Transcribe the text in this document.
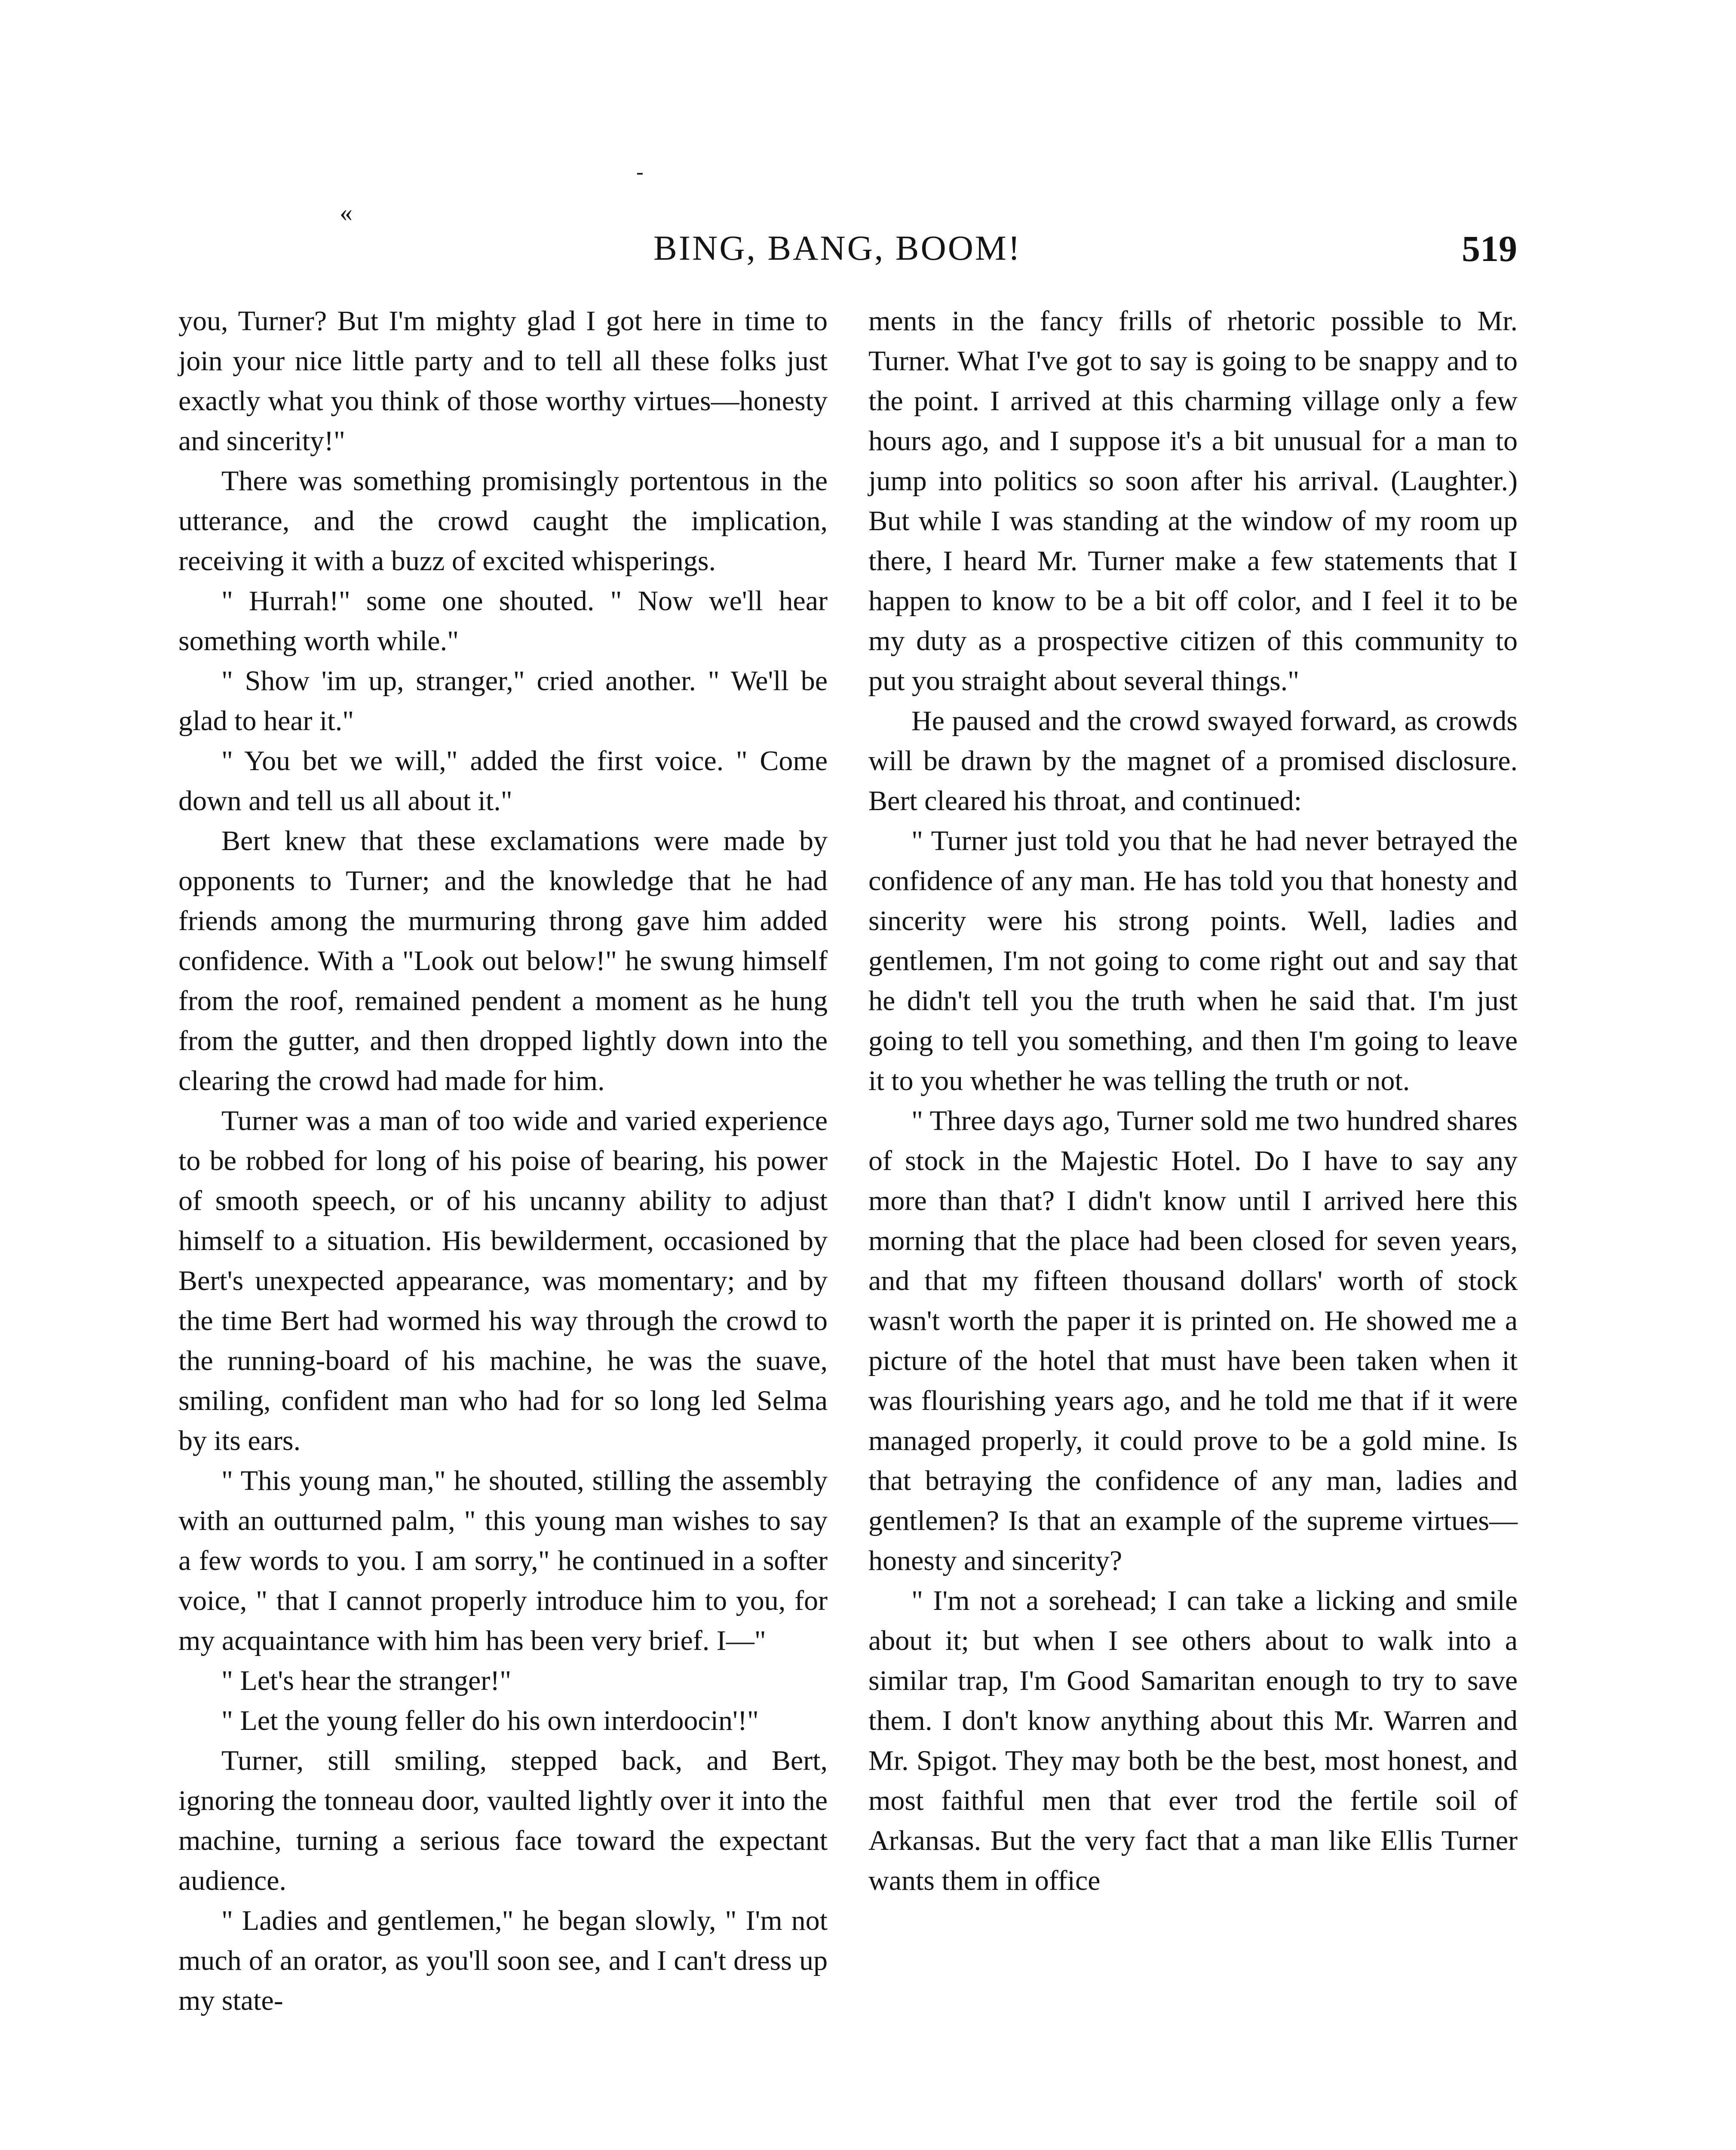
«
-
BING, BANG, BOOM!	519

you, Turner? But I'm mighty glad I got here in time to join your nice little party and to tell all these folks just exactly what you think of those worthy virtues—honesty and sincerity!"

There was something promisingly portentous in the utterance, and the crowd caught the implication, receiving it with a buzz of excited whisperings.

" Hurrah!" some one shouted. " Now we'll hear something worth while."

" Show 'im up, stranger," cried another. " We'll be glad to hear it."

" You bet we will," added the first voice. " Come down and tell us all about it."

Bert knew that these exclamations were made by opponents to Turner; and the knowledge that he had friends among the murmuring throng gave him added confidence. With a "Look out below!" he swung himself from the roof, remained pendent a moment as he hung from the gutter, and then dropped lightly down into the clearing the crowd had made for him.

Turner was a man of too wide and varied experience to be robbed for long of his poise of bearing, his power of smooth speech, or of his uncanny ability to adjust himself to a situation. His bewilderment, occasioned by Bert's unexpected appearance, was momentary; and by the time Bert had wormed his way through the crowd to the running-board of his machine, he was the suave, smiling, confident man who had for so long led Selma by its ears.

" This young man," he shouted, stilling the assembly with an outturned palm, " this young man wishes to say a few words to you. I am sorry," he continued in a softer voice, " that I cannot properly introduce him to you, for my acquaintance with him has been very brief. I—"

" Let's hear the stranger!"

" Let the young feller do his own interdoocin'!"

Turner, still smiling, stepped back, and Bert, ignoring the tonneau door, vaulted lightly over it into the machine, turning a serious face toward the expectant audience.

" Ladies and gentlemen," he began slowly, " I'm not much of an orator, as you'll soon see, and I can't dress up my state-

ments in the fancy frills of rhetoric possible to Mr. Turner. What I've got to say is going to be snappy and to the point. I arrived at this charming village only a few hours ago, and I suppose it's a bit unusual for a man to jump into politics so soon after his arrival. (Laughter.) But while I was standing at the window of my room up there, I heard Mr. Turner make a few statements that I happen to know to be a bit off color, and I feel it to be my duty as a prospective citizen of this community to put you straight about several things."

He paused and the crowd swayed forward, as crowds will be drawn by the magnet of a promised disclosure. Bert cleared his throat, and continued:

" Turner just told you that he had never betrayed the confidence of any man. He has told you that honesty and sincerity were his strong points. Well, ladies and gentlemen, I'm not going to come right out and say that he didn't tell you the truth when he said that. I'm just going to tell you something, and then I'm going to leave it to you whether he was telling the truth or not.

" Three days ago, Turner sold me two hundred shares of stock in the Majestic Hotel. Do I have to say any more than that? I didn't know until I arrived here this morning that the place had been closed for seven years, and that my fifteen thousand dollars' worth of stock wasn't worth the paper it is printed on. He showed me a picture of the hotel that must have been taken when it was flourishing years ago, and he told me that if it were managed properly, it could prove to be a gold mine. Is that betraying the confidence of any man, ladies and gentlemen? Is that an example of the supreme virtues—honesty and sincerity?

" I'm not a sorehead; I can take a licking and smile about it; but when I see others about to walk into a similar trap, I'm Good Samaritan enough to try to save them. I don't know anything about this Mr. Warren and Mr. Spigot. They may both be the best, most honest, and most faithful men that ever trod the fertile soil of Arkansas. But the very fact that a man like Ellis Turner wants them in office
